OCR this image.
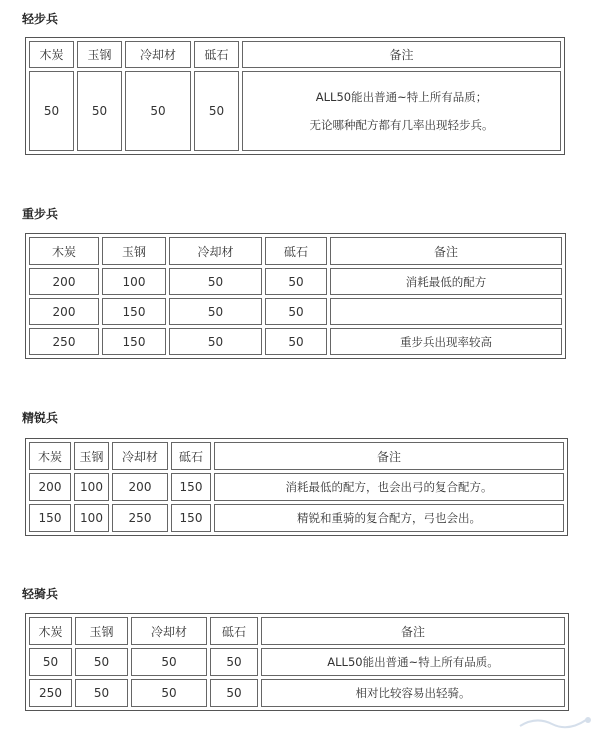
轻步兵
木炭	玉钢	冷却材	砥石	备注
50	50	50	50	ALL50能出普通~特上所有品质；
无论哪种配方都有几率出现轻步兵。
重步兵
木炭	玉钢	冷却材	砥石	备注
200	100	50	50	消耗最低的配方
200	150	50	50	
250	150	50	50	重步兵出现率较高
精锐兵
木炭	玉钢	冷却材	砥石	备注
200	100	200	150	消耗最低的配方，也会出弓的复合配方。
150	100	250	150	精锐和重骑的复合配方，弓也会出。
轻骑兵
木炭	玉钢	冷却材	砥石	备注
50	50	50	50	ALL50能出普通~特上所有品质。
250	50	50	50	相对比较容易出轻骑。
